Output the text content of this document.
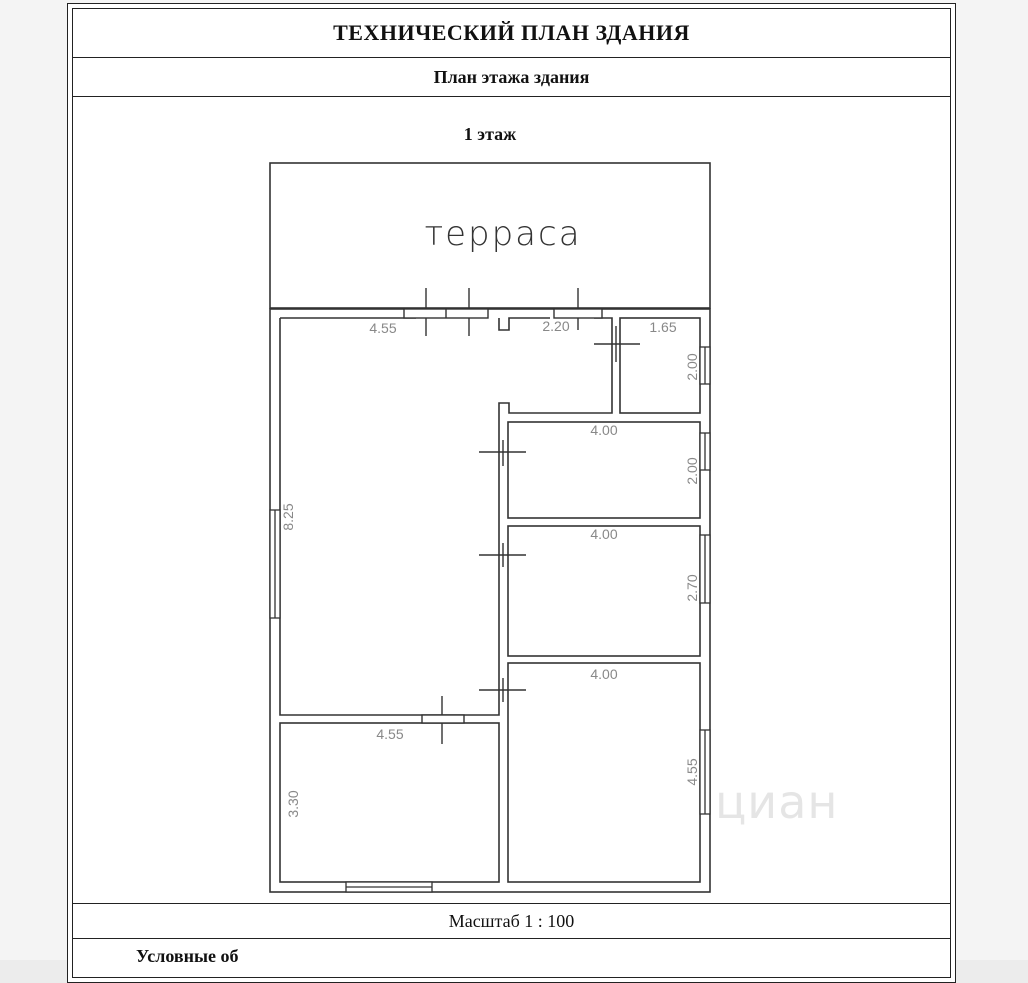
ТЕХНИЧЕСКИЙ ПЛАН ЗДАНИЯ
План этажа здания
1 этаж
терраса
4.55	2.20	1.65
2.00
4.00
2.00
4.00
2.70
4.00
4.55
8.25
4.55
3.30	циан
Масштаб 1 : 100
Условные об
